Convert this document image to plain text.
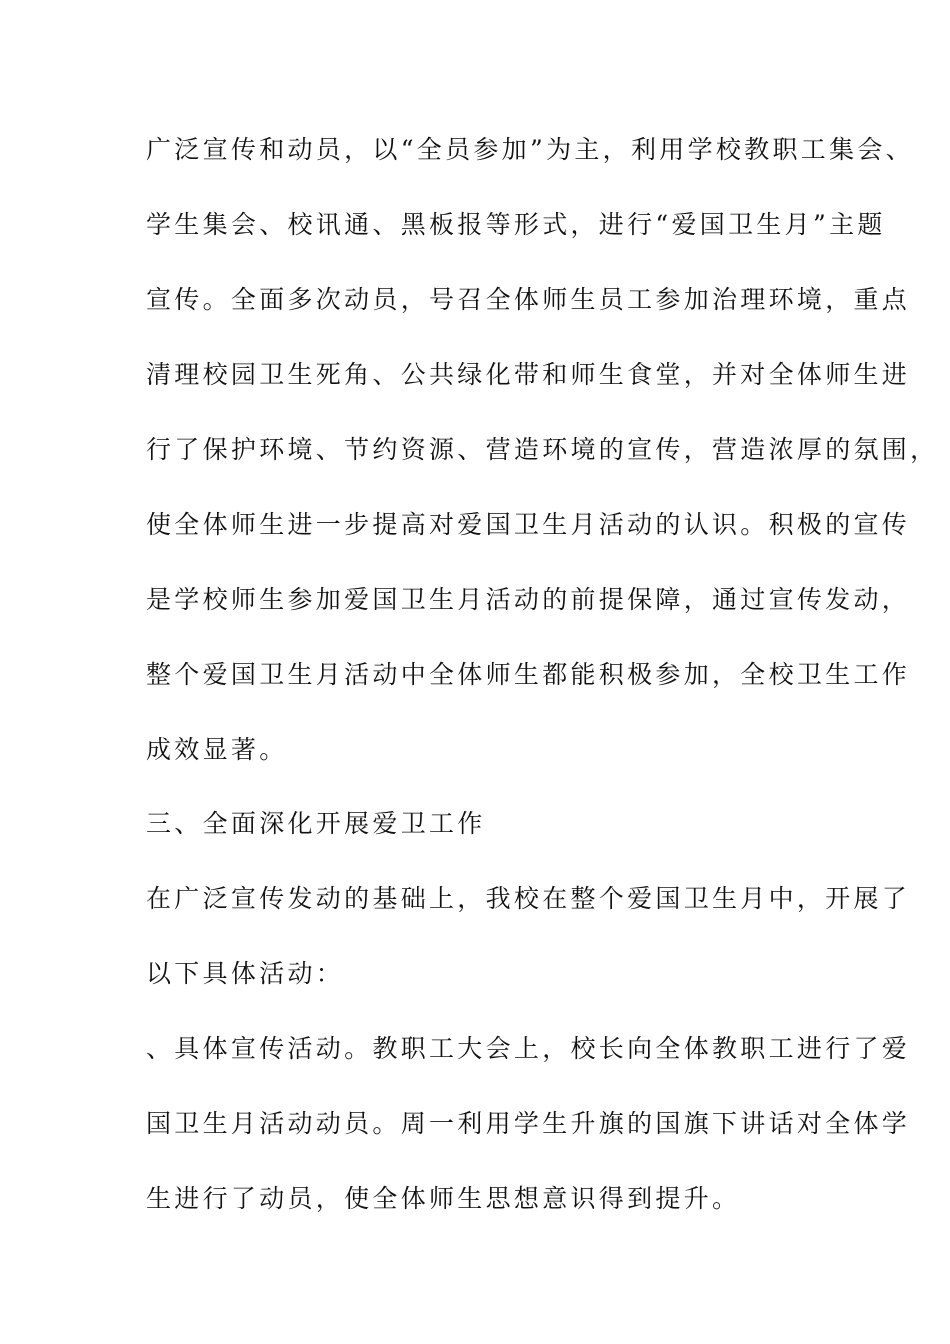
广泛宣传和动员，以“全员参加”为主，利用学校教职工集会、
学生集会、校讯通、黑板报等形式，进行“爱国卫生月”主题
宣传。全面多次动员，号召全体师生员工参加治理环境，重点
清理校园卫生死角、公共绿化带和师生食堂，并对全体师生进
行了保护环境、节约资源、营造环境的宣传，营造浓厚的氛围，
使全体师生进一步提高对爱国卫生月活动的认识。积极的宣传
是学校师生参加爱国卫生月活动的前提保障，通过宣传发动，
整个爱国卫生月活动中全体师生都能积极参加，全校卫生工作
成效显著。
三、全面深化开展爱卫工作
在广泛宣传发动的基础上，我校在整个爱国卫生月中，开展了
以下具体活动：
、具体宣传活动。教职工大会上，校长向全体教职工进行了爱
国卫生月活动动员。周一利用学生升旗的国旗下讲话对全体学
生进行了动员，使全体师生思想意识得到提升。
